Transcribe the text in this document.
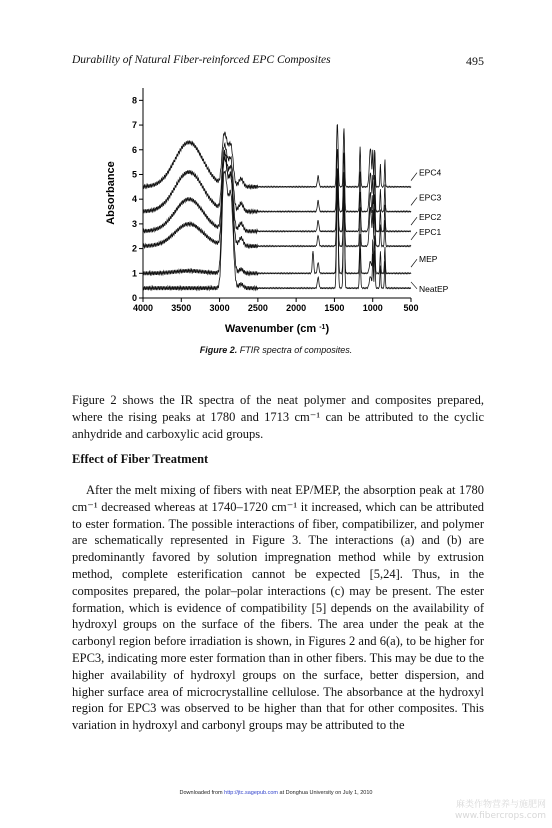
Durability of Natural Fiber-reinforced EPC Composites	495
0
1
2
3
4
5
6
7
8
4000 3500 3000 2500 2000 1500 1000 500
Wavenumber (cm $^{-1}$)
Absorbance
NeatEP
MEP
EPC1
EPC2
EPC3
EPC4
Figure 2. FTIR spectra of composites.
Figure 2 shows the IR spectra of the neat polymer and composites prepared, where the rising peaks at 1780 and 1713 cm⁻¹ can be attributed to the cyclic anhydride and carboxylic acid groups.
Effect of Fiber Treatment
After the melt mixing of fibers with neat EP/MEP, the absorption peak at 1780 cm⁻¹ decreased whereas at 1740–1720 cm⁻¹ it increased, which can be attributed to ester formation. The possible interactions of fiber, compatibilizer, and polymer are schematically represented in Figure 3. The interactions (a) and (b) are predominantly favored by solution impregnation method while by extrusion method, complete esterification cannot be expected [5,24]. Thus, in the composites prepared, the polar–polar interactions (c) may be present. The ester formation, which is evidence of compatibility [5] depends on the availability of hydroxyl groups on the surface of the fibers. The area under the peak at the carbonyl region before irradiation is shown, in Figures 2 and 6(a), to be higher for EPC3, indicating more ester formation than in other fibers. This may be due to the higher availability of hydroxyl groups on the surface, better dispersion, and higher surface area of microcrystalline cellulose. The absorbance at the hydroxyl region for EPC3 was observed to be higher than that for other composites. This variation in hydroxyl and carbonyl groups may be attributed to the
Downloaded from http://jtc.sagepub.com at Donghua University on July 1, 2010
麻类作物营养与施肥网
www.fibercrops.com
